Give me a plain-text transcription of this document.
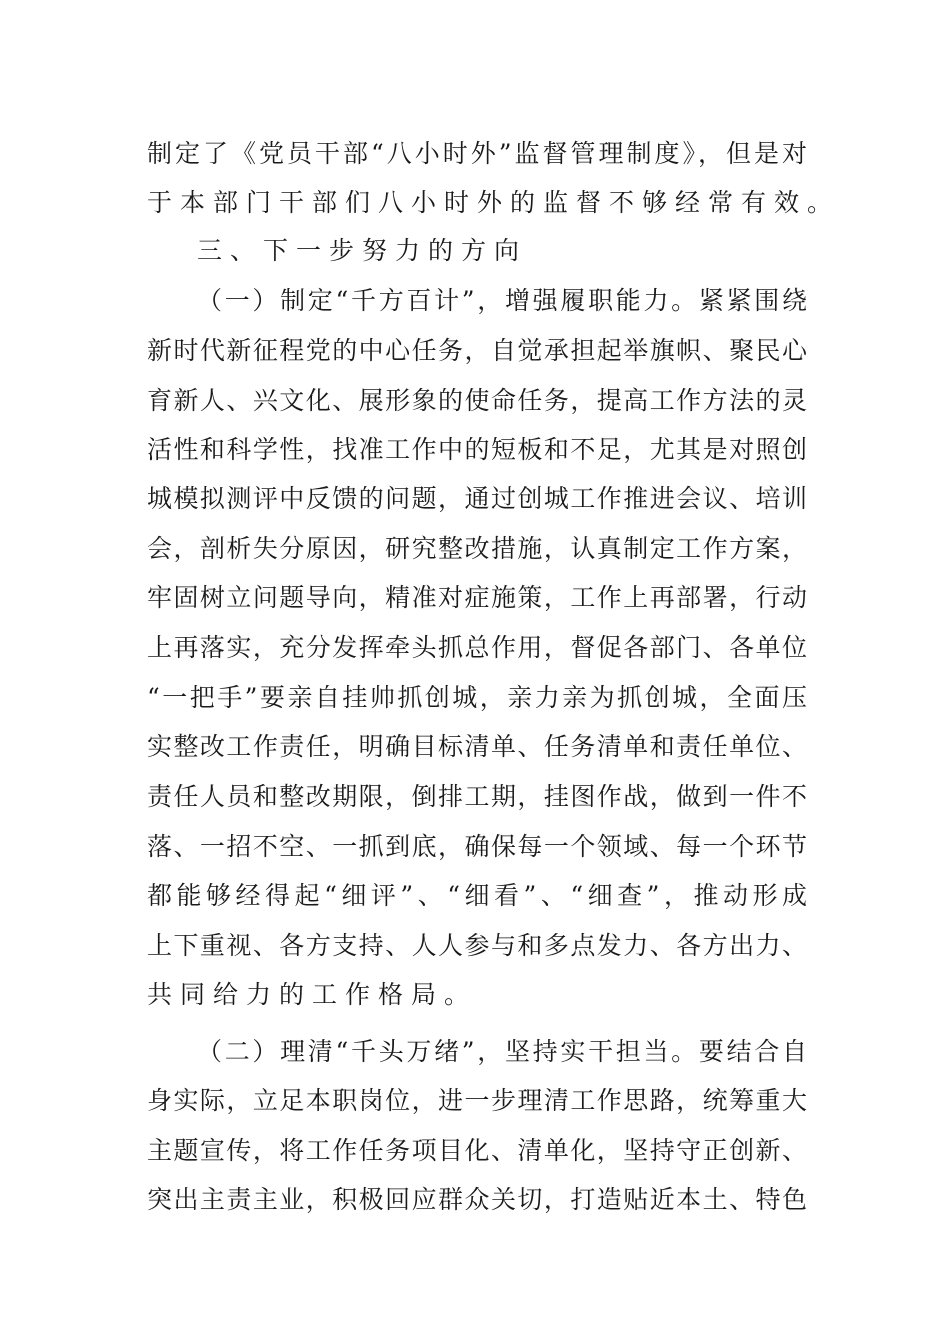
制定了《党员干部“八小时外”监督管理制度》，但是对
于本部门干部们八小时外的监督不够经常有效。
三、下一步努力的方向
（一）制定“千方百计”，增强履职能力。紧紧围绕
新时代新征程党的中心任务，自觉承担起举旗帜、聚民心
育新人、兴文化、展形象的使命任务，提高工作方法的灵
活性和科学性，找准工作中的短板和不足，尤其是对照创
城模拟测评中反馈的问题，通过创城工作推进会议、培训
会，剖析失分原因，研究整改措施，认真制定工作方案，
牢固树立问题导向，精准对症施策，工作上再部署，行动
上再落实，充分发挥牵头抓总作用，督促各部门、各单位
“一把手”要亲自挂帅抓创城，亲力亲为抓创城，全面压
实整改工作责任，明确目标清单、任务清单和责任单位、
责任人员和整改期限，倒排工期，挂图作战，做到一件不
落、一招不空、一抓到底，确保每一个领域、每一个环节
都能够经得起“细评”、“细看”、“细查”，推动形成
上下重视、各方支持、人人参与和多点发力、各方出力、
共同给力的工作格局。
（二）理清“千头万绪”，坚持实干担当。要结合自
身实际，立足本职岗位，进一步理清工作思路，统筹重大
主题宣传，将工作任务项目化、清单化，坚持守正创新、
突出主责主业，积极回应群众关切，打造贴近本土、特色
